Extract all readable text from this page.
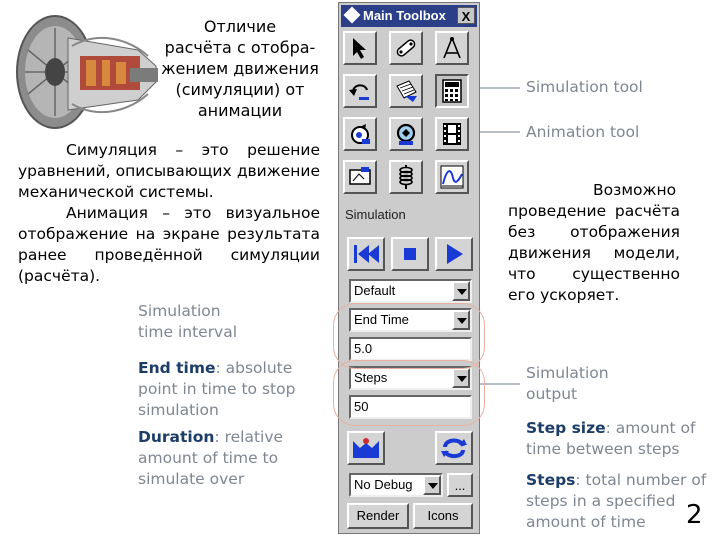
Отличие
расчёта с отобра-
жением движения
(симуляции) от
анимации

Симуляция – это решение уравнений, описывающих движение механической системы.

Анимация – это визуальное отображение на экране результата ранее проведённой симуляции (расчёта).

Возможно проведение расчёта без отображения движения модели, что существенно его ускоряет.

Simulation
time interval
End time: absolute
point in time to stop
simulation
Duration: relative
amount of time to
simulate over
Simulation tool
Animation tool
Simulation
output
Step size: amount of
time between steps
Steps: total number of
steps in a specified
amount of time
Main Toolbox	X
Simulation
Default
End Time
5.0
Steps
50
No Debug	...
Render	Icons	2
